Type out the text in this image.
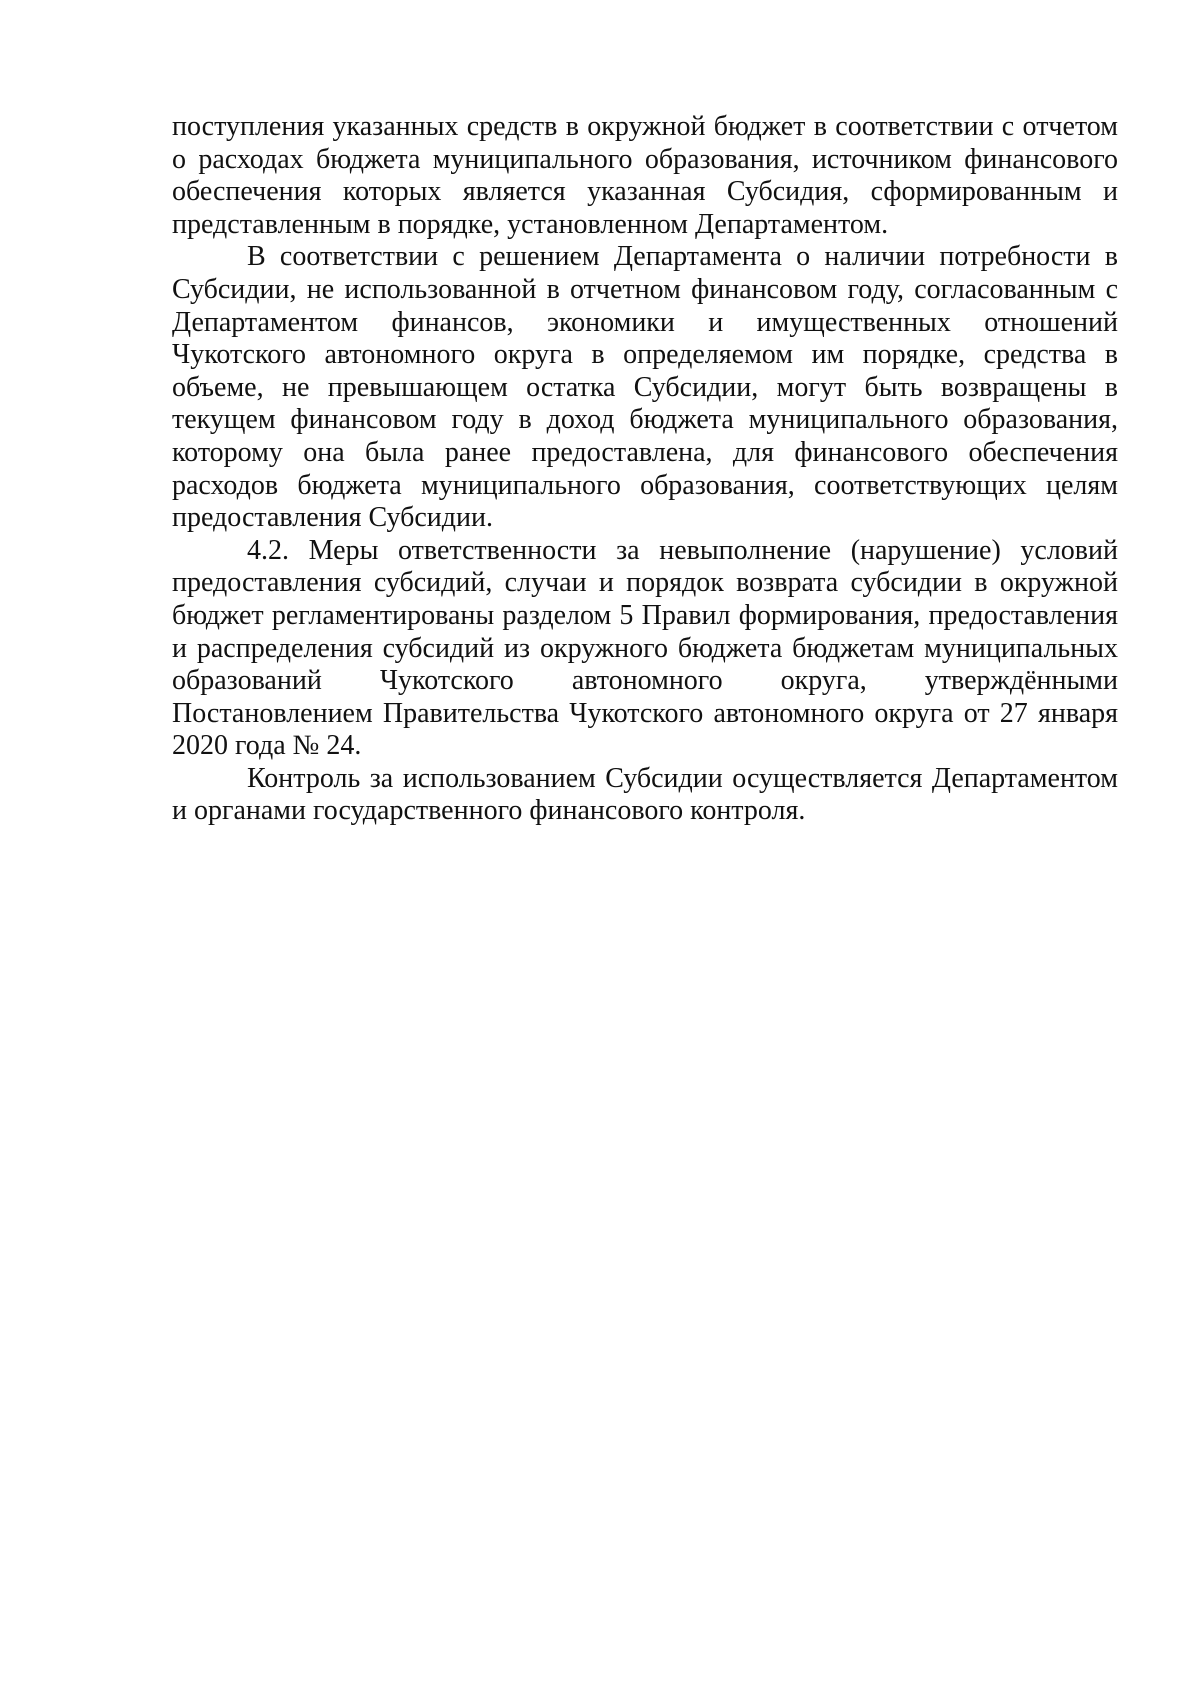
поступления указанных средств в окружной бюджет в соответствии с отчетом о расходах бюджета муниципального образования, источником финансового обеспечения которых является указанная Субсидия, сформированным и представленным в порядке, установленном Департаментом.

В соответствии с решением Департамента о наличии потребности в Субсидии, не использованной в отчетном финансовом году, согласованным с Департаментом финансов, экономики и имущественных отношений Чукотского автономного округа в определяемом им порядке, средства в объеме, не превышающем остатка Субсидии, могут быть возвращены в текущем финансовом году в доход бюджета муниципального образования, которому она была ранее предоставлена, для финансового обеспечения расходов бюджета муниципального образования, соответствующих целям предоставления Субсидии.

4.2. Меры ответственности за невыполнение (нарушение) условий предоставления субсидий, случаи и порядок возврата субсидии в окружной бюджет регламентированы разделом 5 Правил формирования, предоставления и распределения субсидий из окружного бюджета бюджетам муниципальных образований Чукотского автономного округа, утверждёнными Постановлением Правительства Чукотского автономного округа от 27 января 2020 года № 24.

Контроль за использованием Субсидии осуществляется Департаментом и органами государственного финансового контроля.
